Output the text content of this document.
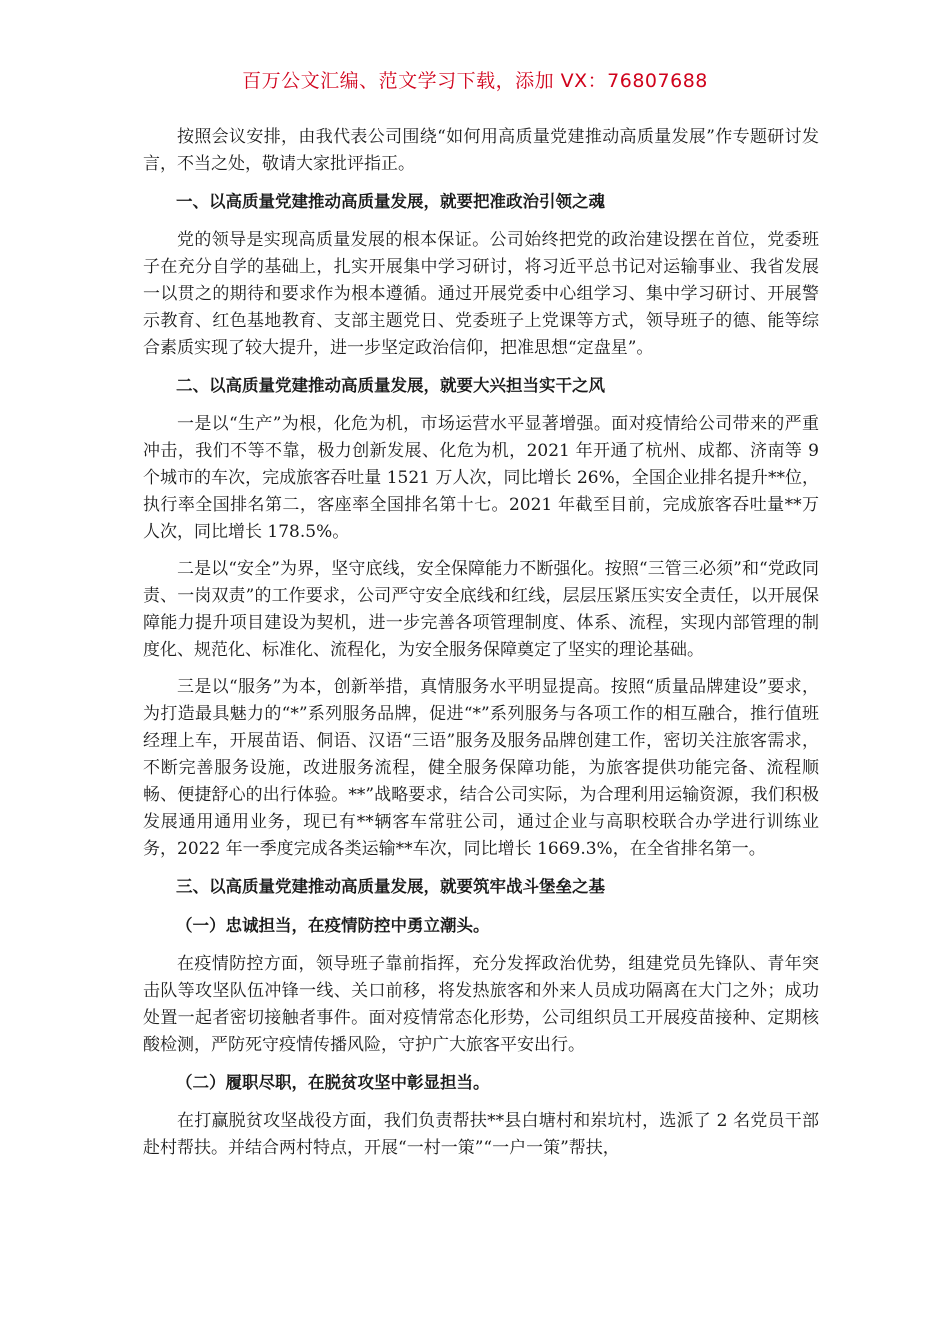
百万公文汇编、范文学习下载，添加 VX：76807688

按照会议安排，由我代表公司围绕“如何用高质量党建推动高质量发展”作专题研讨发言，不当之处，敬请大家批评指正。

一、以高质量党建推动高质量发展，就要把准政治引领之魂

党的领导是实现高质量发展的根本保证。公司始终把党的政治建设摆在首位，党委班子在充分自学的基础上，扎实开展集中学习研讨，将习近平总书记对运输事业、我省发展一以贯之的期待和要求作为根本遵循。通过开展党委中心组学习、集中学习研讨、开展警示教育、红色基地教育、支部主题党日、党委班子上党课等方式，领导班子的德、能等综合素质实现了较大提升，进一步坚定政治信仰，把准思想“定盘星”。

二、以高质量党建推动高质量发展，就要大兴担当实干之风

一是以“生产”为根，化危为机，市场运营水平显著增强。面对疫情给公司带来的严重冲击，我们不等不靠，极力创新发展、化危为机，2021 年开通了杭州、成都、济南等 9 个城市的车次，完成旅客吞吐量 1521 万人次，同比增长 26%，全国企业排名提升**位，执行率全国排名第二，客座率全国排名第十七。2021 年截至目前，完成旅客吞吐量**万人次，同比增长 178.5%。

二是以“安全”为界，坚守底线，安全保障能力不断强化。按照“三管三必须”和“党政同责、一岗双责”的工作要求，公司严守安全底线和红线，层层压紧压实安全责任，以开展保障能力提升项目建设为契机，进一步完善各项管理制度、体系、流程，实现内部管理的制度化、规范化、标准化、流程化，为安全服务保障奠定了坚实的理论基础。

三是以“服务”为本，创新举措，真情服务水平明显提高。按照“质量品牌建设”要求，为打造最具魅力的“*”系列服务品牌，促进“*”系列服务与各项工作的相互融合，推行值班经理上车，开展苗语、侗语、汉语“三语”服务及服务品牌创建工作，密切关注旅客需求，不断完善服务设施，改进服务流程，健全服务保障功能，为旅客提供功能完备、流程顺畅、便捷舒心的出行体验。**”战略要求，结合公司实际，为合理利用运输资源，我们积极发展通用通用业务，现已有**辆客车常驻公司，通过企业与高职校联合办学进行训练业务，2022 年一季度完成各类运输**车次，同比增长 1669.3%，在全省排名第一。

三、以高质量党建推动高质量发展，就要筑牢战斗堡垒之基

（一）忠诚担当，在疫情防控中勇立潮头。

在疫情防控方面，领导班子靠前指挥，充分发挥政治优势，组建党员先锋队、青年突击队等攻坚队伍冲锋一线、关口前移，将发热旅客和外来人员成功隔离在大门之外；成功处置一起者密切接触者事件。面对疫情常态化形势，公司组织员工开展疫苗接种、定期核酸检测，严防死守疫情传播风险，守护广大旅客平安出行。

（二）履职尽职，在脱贫攻坚中彰显担当。

在打赢脱贫攻坚战役方面，我们负责帮扶**县白塘村和岽坑村，选派了 2 名党员干部赴村帮扶。并结合两村特点，开展“一村一策”“一户一策”帮扶，
